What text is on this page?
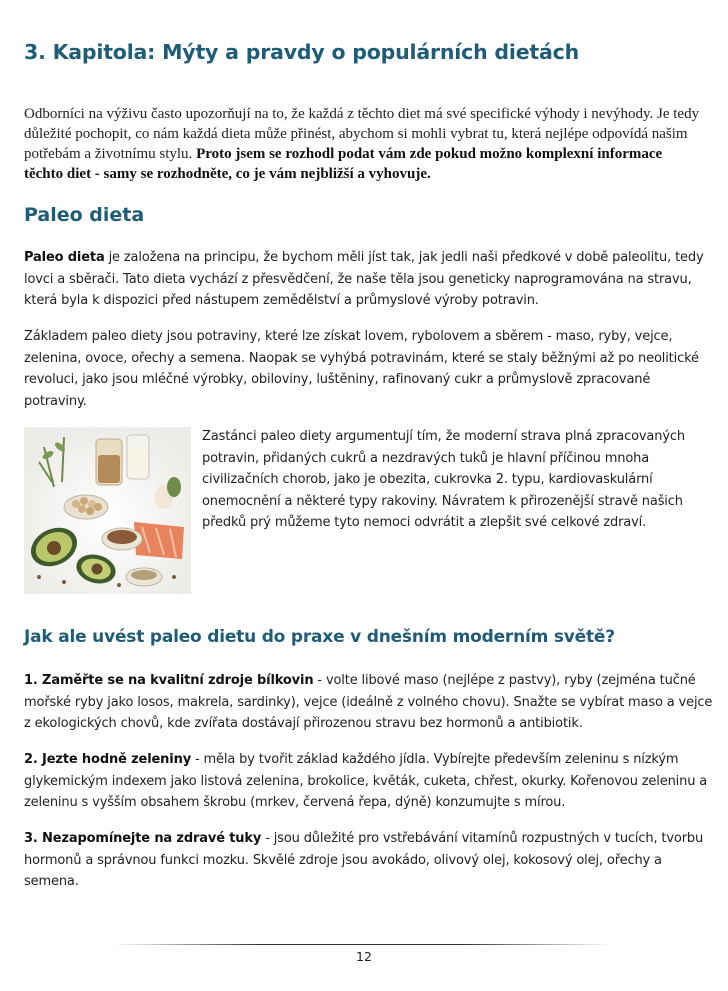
3. Kapitola: Mýty a pravdy o populárních dietách

Odborníci na výživu často upozorňují na to, že každá z těchto diet má své specifické výhody i nevýhody. Je tedy důležité pochopit, co nám každá dieta může přinést, abychom si mohli vybrat tu, která nejlépe odpovídá našim potřebám a životnímu stylu. Proto jsem se rozhodl podat vám zde pokud možno komplexní informace těchto diet - samy se rozhodněte, co je vám nejbližší a vyhovuje.

Paleo dieta

Paleo dieta je založena na principu, že bychom měli jíst tak, jak jedli naši předkové v době paleolitu, tedy lovci a sběrači. Tato dieta vychází z přesvědčení, že naše těla jsou geneticky naprogramována na stravu, která byla k dispozici před nástupem zemědělství a průmyslové výroby potravin.

Základem paleo diety jsou potraviny, které lze získat lovem, rybolovem a sběrem - maso, ryby, vejce, zelenina, ovoce, ořechy a semena. Naopak se vyhýbá potravinám, které se staly běžnými až po neolitické revoluci, jako jsou mléčné výrobky, obiloviny, luštěniny, rafinovaný cukr a průmyslově zpracované potraviny.

Zastánci paleo diety argumentují tím, že moderní strava plná zpracovaných potravin, přidaných cukrů a nezdravých tuků je hlavní příčinou mnoha civilizačních chorob, jako je obezita, cukrovka 2. typu, kardiovaskulární onemocnění a některé typy rakoviny. Návratem k přirozenější stravě našich předků prý můžeme tyto nemoci odvrátit a zlepšit své celkové zdraví.

Jak ale uvést paleo dietu do praxe v dnešním moderním světě?

1. Zaměřte se na kvalitní zdroje bílkovin - volte libové maso (nejlépe z pastvy), ryby (zejména tučné mořské ryby jako losos, makrela, sardinky), vejce (ideálně z volného chovu). Snažte se vybírat maso a vejce z ekologických chovů, kde zvířata dostávají přirozenou stravu bez hormonů a antibiotik.

2. Jezte hodně zeleniny - měla by tvořit základ každého jídla. Vybírejte především zeleninu s nízkým glykemickým indexem jako listová zelenina, brokolice, květák, cuketa, chřest, okurky. Kořenovou zeleninu a zeleninu s vyšším obsahem škrobu (mrkev, červená řepa, dýně) konzumujte s mírou.

3. Nezapomínejte na zdravé tuky - jsou důležité pro vstřebávání vitamínů rozpustných v tucích, tvorbu hormonů a správnou funkci mozku. Skvělé zdroje jsou avokádo, olivový olej, kokosový olej, ořechy a semena.

12
